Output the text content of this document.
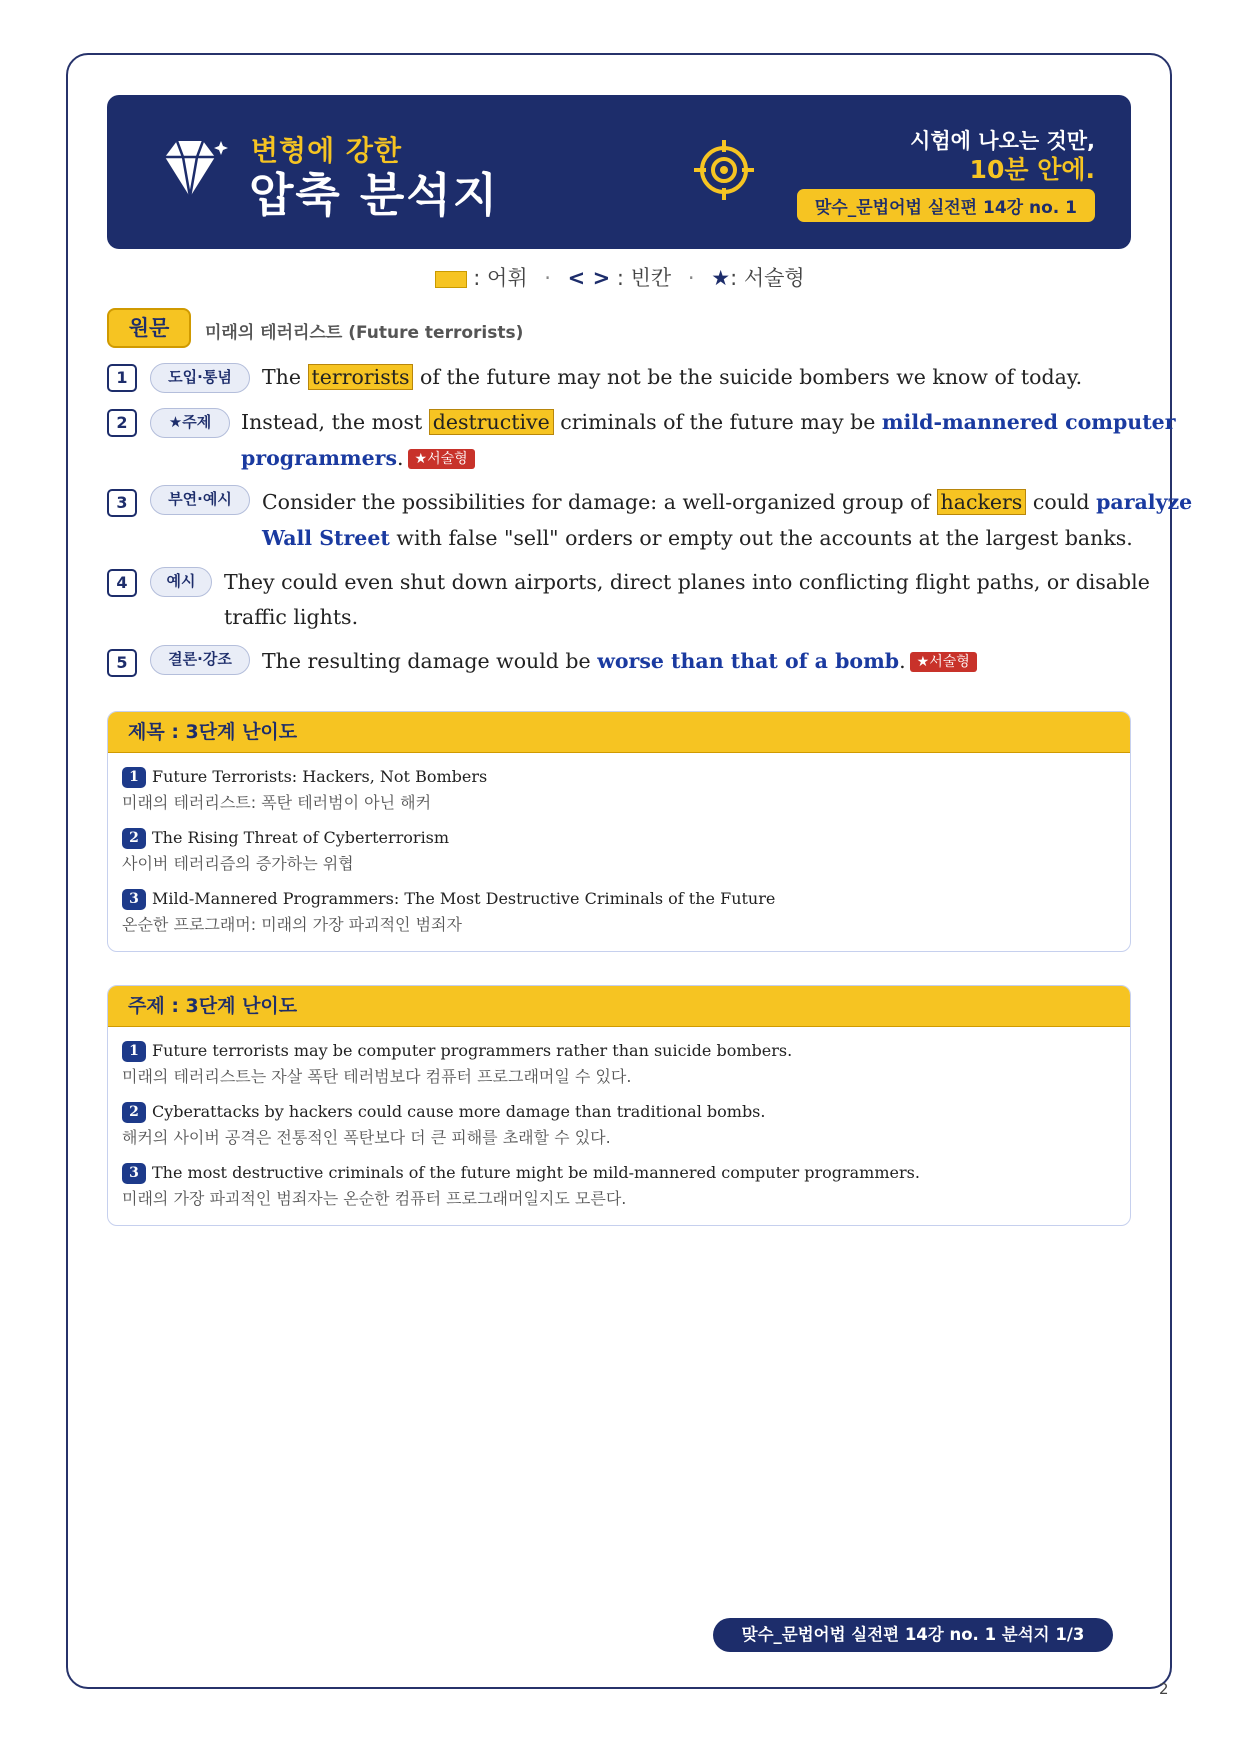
변형에 강한
압축 분석지
시험에 나오는 것만,
10분 안에.
맞수_문법어법 실전편 14강 no. 1
: 어휘 · < > : 빈칸 · ★: 서술형
원문	미래의 테러리스트 (Future terrorists)
1	도입·통념	The terrorists of the future may not be the suicide bombers we know of today.
2	★주제	Instead, the most destructive criminals of the future may be mild-mannered computer
programmers. ★서술형
3	부연·예시	Consider the possibilities for damage: a well-organized group of hackers could paralyze
Wall Street with false "sell" orders or empty out the accounts at the largest banks.
4	예시	They could even shut down airports, direct planes into conflicting flight paths, or disable
traffic lights.
5	결론·강조	The resulting damage would be worse than that of a bomb. ★서술형
제목 : 3단계 난이도
1 Future Terrorists: Hackers, Not Bombers
미래의 테러리스트: 폭탄 테러범이 아닌 해커
2 The Rising Threat of Cyberterrorism
사이버 테러리즘의 증가하는 위협
3 Mild-Mannered Programmers: The Most Destructive Criminals of the Future
온순한 프로그래머: 미래의 가장 파괴적인 범죄자
주제 : 3단계 난이도
1 Future terrorists may be computer programmers rather than suicide bombers.
미래의 테러리스트는 자살 폭탄 테러범보다 컴퓨터 프로그래머일 수 있다.
2 Cyberattacks by hackers could cause more damage than traditional bombs.
해커의 사이버 공격은 전통적인 폭탄보다 더 큰 피해를 초래할 수 있다.
3 The most destructive criminals of the future might be mild-mannered computer programmers.
미래의 가장 파괴적인 범죄자는 온순한 컴퓨터 프로그래머일지도 모른다.
맞수_문법어법 실전편 14강 no. 1 분석지 1/3
2
